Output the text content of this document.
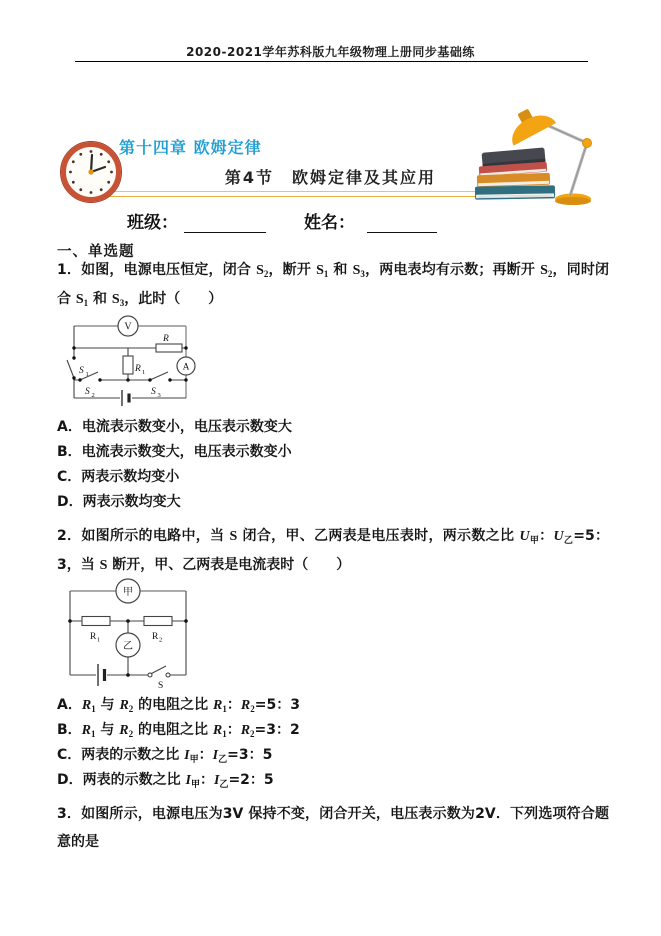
2020-2021学年苏科版九年级物理上册同步基础练
第十四章 欧姆定律
第4节　欧姆定律及其应用
班级：	姓名：
一、单选题
1．如图，电源电压恒定，闭合 $S_2$，断开 $S_1$ 和 $S_3$，两电表均有示数；再断开 $S_2$，同时闭合 $S_1$ 和 $S_3$，此时（　　）
V
A
R
R 1
S 1
S 2	S 3
A．电流表示数变小，电压表示数变大
B．电流表示数变大，电压表示数变小
C．两表示数均变小
D．两表示数均变大
2．如图所示的电路中，当 S 闭合，甲、乙两表是电压表时，两示数之比 $U_甲$：$U_乙=5$：3，当 S 断开，甲、乙两表是电流表时（　　）
甲
乙
R 1	R 2
S
A．$R_1$ 与 $R_2$ 的电阻之比 $R_1$：$R_2=5$：3
B．$R_1$ 与 $R_2$ 的电阻之比 $R_1$：$R_2=3$：2
C．两表的示数之比 $I_甲$：$I_乙=3$：5
D．两表的示数之比 $I_甲$：$I_乙=2$：5
3．如图所示，电源电压为3V 保持不变，闭合开关，电压表示数为2V．下列选项符合题意的是
